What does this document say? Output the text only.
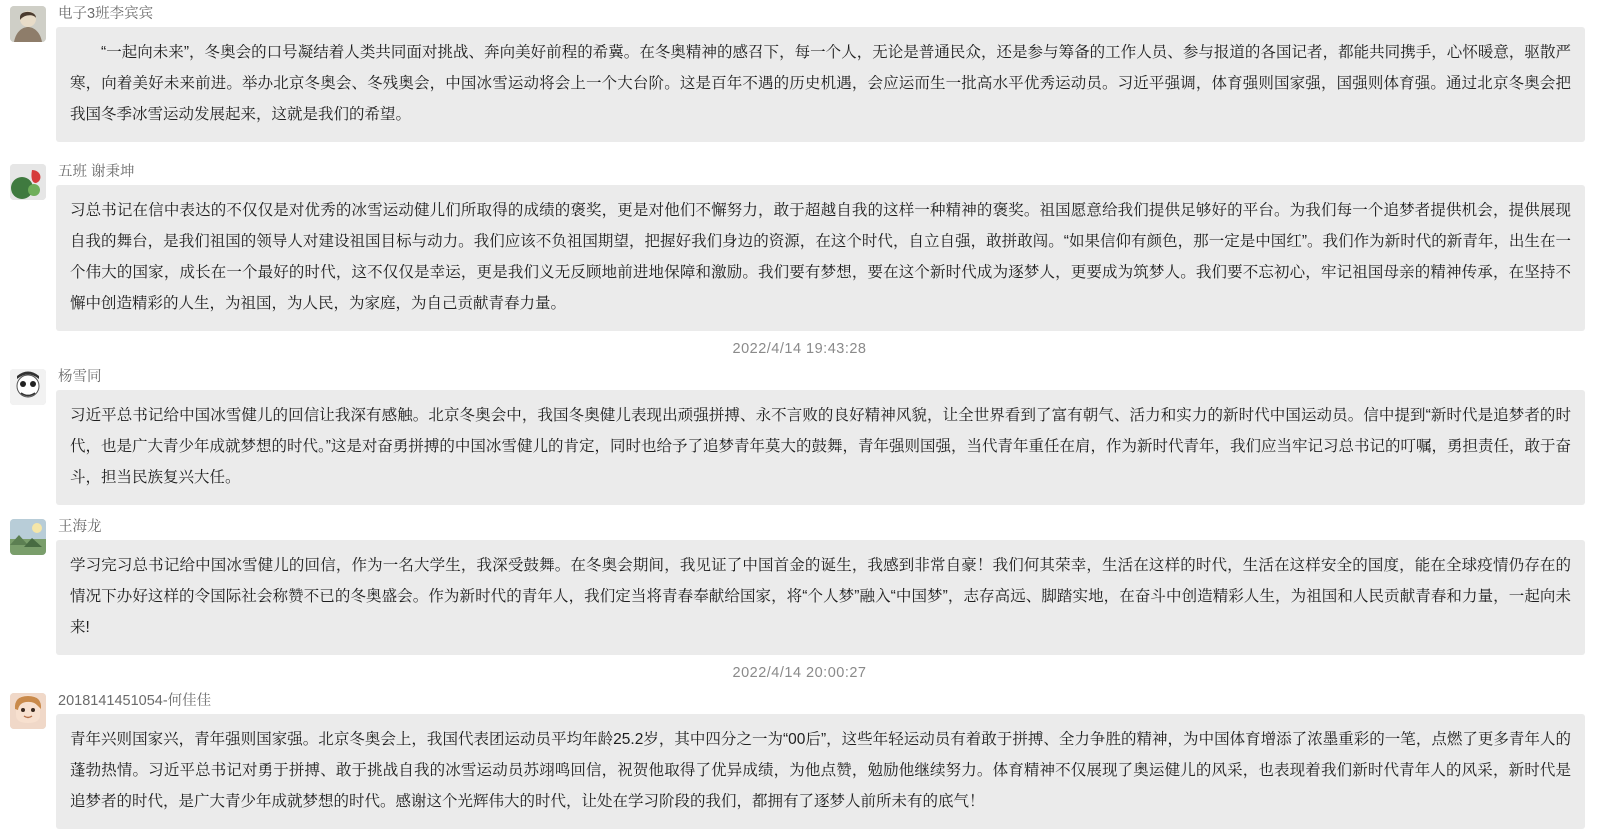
电子3班李宾宾
“一起向未来”，冬奥会的口号凝结着人类共同面对挑战、奔向美好前程的希冀。在冬奥精神的感召下，每一个人，无论是普通民众，还是参与筹备的工作人员、参与报道的各国记者，都能共同携手，心怀暖意，驱散严寒，向着美好未来前进。举办北京冬奥会、冬残奥会，中国冰雪运动将会上一个大台阶。这是百年不遇的历史机遇，会应运而生一批高水平优秀运动员。习近平强调，体育强则国家强，国强则体育强。通过北京冬奥会把我国冬季冰雪运动发展起来，这就是我们的希望。
五班 谢秉坤
习总书记在信中表达的不仅仅是对优秀的冰雪运动健儿们所取得的成绩的褒奖，更是对他们不懈努力，敢于超越自我的这样一种精神的褒奖。祖国愿意给我们提供足够好的平台。为我们每一个追梦者提供机会，提供展现自我的舞台，是我们祖国的领导人对建设祖国目标与动力。我们应该不负祖国期望，把握好我们身边的资源，在这个时代，自立自强，敢拼敢闯。“如果信仰有颜色，那一定是中国红”。我们作为新时代的新青年，出生在一个伟大的国家，成长在一个最好的时代，这不仅仅是幸运，更是我们义无反顾地前进地保障和激励。我们要有梦想，要在这个新时代成为逐梦人，更要成为筑梦人。我们要不忘初心，牢记祖国母亲的精神传承，在坚持不懈中创造精彩的人生，为祖国，为人民，为家庭，为自己贡献青春力量。
2022/4/14 19:43:28
杨雪同
习近平总书记给中国冰雪健儿的回信让我深有感触。北京冬奥会中，我国冬奥健儿表现出顽强拼搏、永不言败的良好精神风貌，让全世界看到了富有朝气、活力和实力的新时代中国运动员。信中提到“新时代是追梦者的时代，也是广大青少年成就梦想的时代。”这是对奋勇拼搏的中国冰雪健儿的肯定，同时也给予了追梦青年莫大的鼓舞，青年强则国强，当代青年重任在肩，作为新时代青年，我们应当牢记习总书记的叮嘱，勇担责任，敢于奋斗，担当民族复兴大任。
王海龙
学习完习总书记给中国冰雪健儿的回信，作为一名大学生，我深受鼓舞。在冬奥会期间，我见证了中国首金的诞生，我感到非常自豪！我们何其荣幸，生活在这样的时代，生活在这样安全的国度，能在全球疫情仍存在的情况下办好这样的令国际社会称赞不已的冬奥盛会。作为新时代的青年人，我们定当将青春奉献给国家，将“个人梦”融入“中国梦”，志存高远、脚踏实地，在奋斗中创造精彩人生，为祖国和人民贡献青春和力量，一起向未来!
2022/4/14 20:00:27
2018141451054-何佳佳
青年兴则国家兴，青年强则国家强。北京冬奥会上，我国代表团运动员平均年龄25.2岁，其中四分之一为“00后”，这些年轻运动员有着敢于拼搏、全力争胜的精神，为中国体育增添了浓墨重彩的一笔，点燃了更多青年人的蓬勃热情。习近平总书记对勇于拼搏、敢于挑战自我的冰雪运动员苏翊鸣回信，祝贺他取得了优异成绩，为他点赞，勉励他继续努力。体育精神不仅展现了奥运健儿的风采，也表现着我们新时代青年人的风采，新时代是追梦者的时代，是广大青少年成就梦想的时代。感谢这个光辉伟大的时代，让处在学习阶段的我们，都拥有了逐梦人前所未有的底气！
